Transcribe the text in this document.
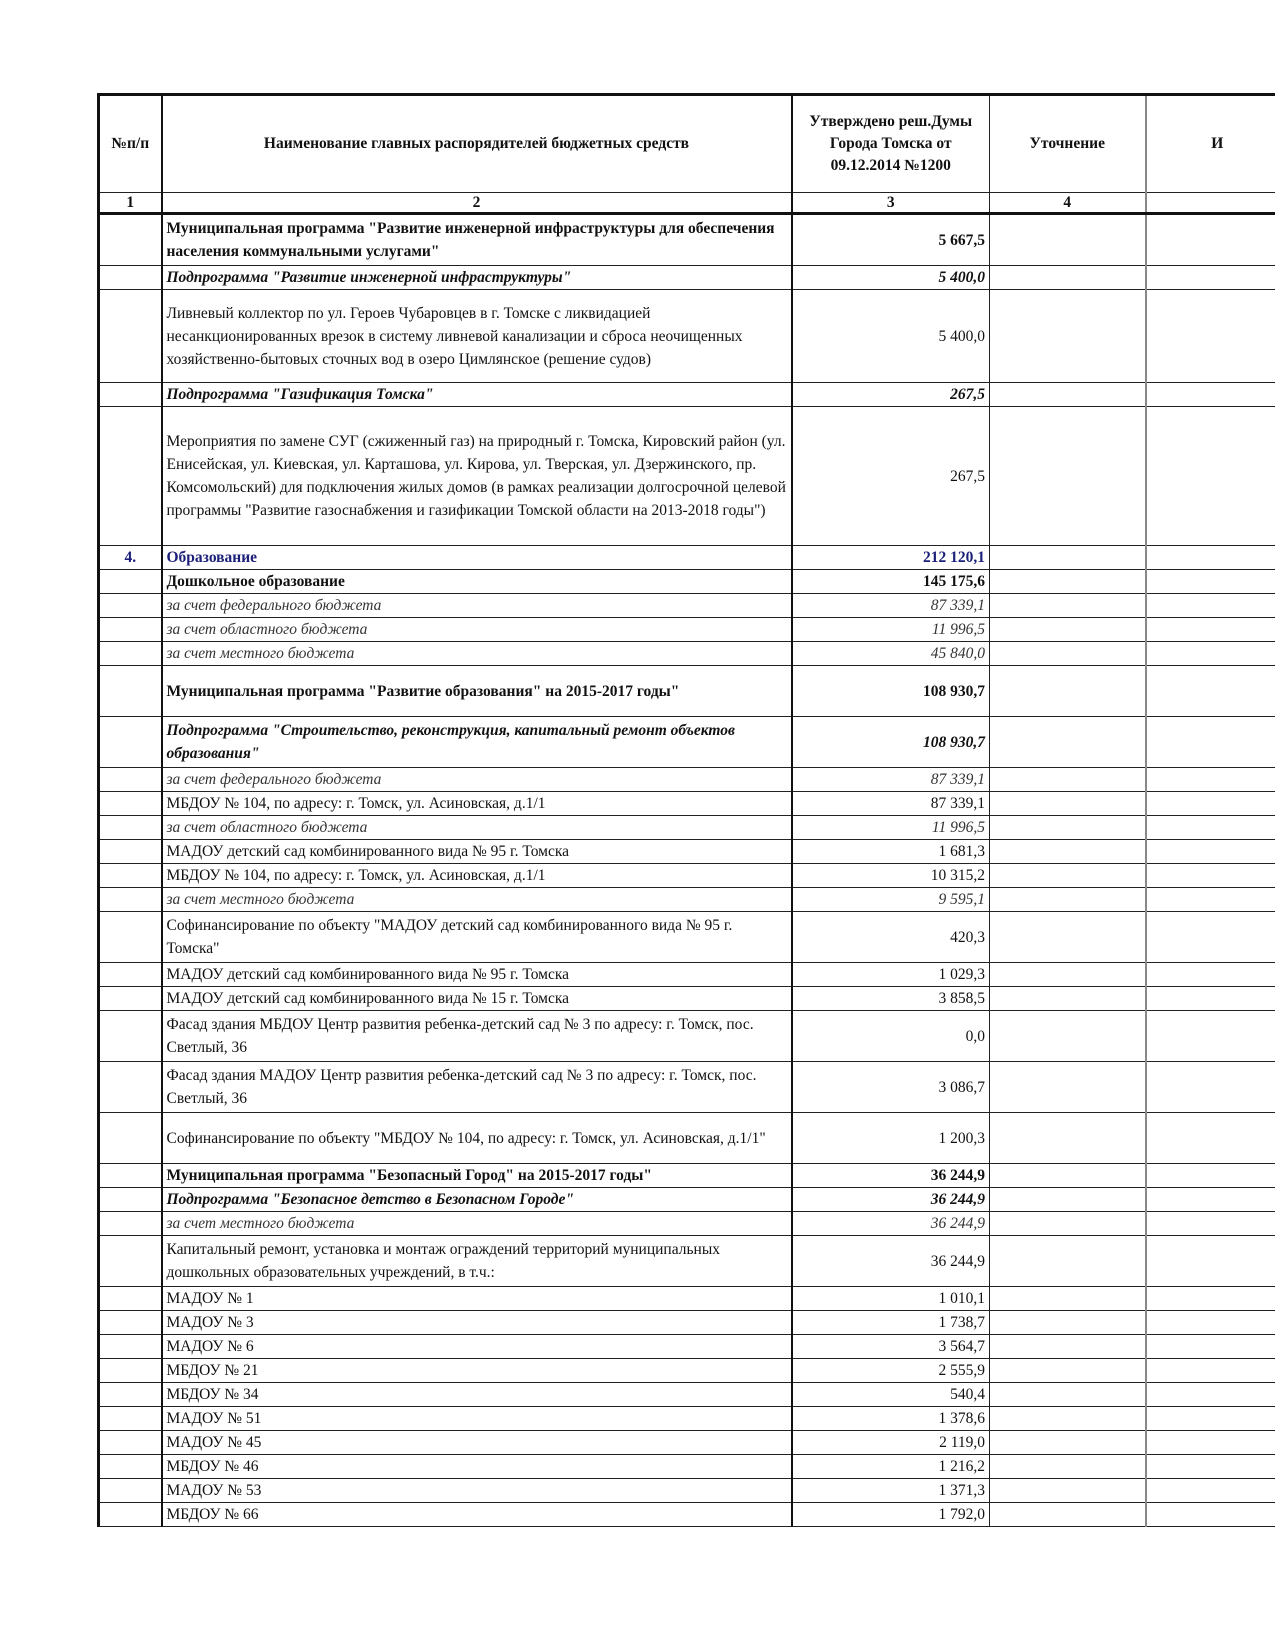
№п/п	Наименование главных распорядителей бюджетных средств	Утверждено реш.Думы Города Томска от 09.12.2014 №1200	Уточнение	И
1	2	3	4	
	Муниципальная программа "Развитие инженерной инфраструктуры для обеспечения населения коммунальными услугами"	5 667,5		
	Подпрограмма "Развитие инженерной инфраструктуры"	5 400,0		
	Ливневый коллектор по ул. Героев Чубаровцев в г. Томске с ликвидацией несанкционированных врезок в систему ливневой канализации и сброса неочищенных хозяйственно-бытовых сточных вод в озеро Цимлянское (решение судов)	5 400,0		
	Подпрограмма "Газификация Томска"	267,5		
	Мероприятия по замене СУГ (сжиженный газ) на природный г. Томска, Кировский район (ул. Енисейская, ул. Киевская, ул. Карташова, ул. Кирова, ул. Тверская, ул. Дзержинского, пр. Комсомольский) для подключения жилых домов (в рамках реализации долгосрочной целевой программы "Развитие газоснабжения и газификации Томской области на 2013-2018 годы")	267,5		
4.	Образование	212 120,1		
	Дошкольное образование	145 175,6		
	за счет федерального бюджета	87 339,1		
	за счет областного бюджета	11 996,5		
	за счет местного бюджета	45 840,0		
	Муниципальная программа "Развитие образования" на 2015-2017 годы"	108 930,7		
	Подпрограмма "Строительство, реконструкция, капитальный ремонт объектов образования"	108 930,7		
	за счет федерального бюджета	87 339,1		
	МБДОУ № 104, по адресу: г. Томск, ул. Асиновская, д.1/1	87 339,1		
	за счет областного бюджета	11 996,5		
	МАДОУ детский сад комбинированного вида № 95 г. Томска	1 681,3		
	МБДОУ № 104, по адресу: г. Томск, ул. Асиновская, д.1/1	10 315,2		
	за счет местного бюджета	9 595,1		
	Софинансирование по объекту "МАДОУ детский сад комбинированного вида № 95 г. Томска"	420,3		
	МАДОУ детский сад комбинированного вида № 95 г. Томска	1 029,3		
	МАДОУ детский сад комбинированного вида № 15 г. Томска	3 858,5		
	Фасад здания МБДОУ Центр развития ребенка-детский сад № 3 по адресу: г. Томск, пос. Светлый, 36	0,0		
	Фасад здания МАДОУ Центр развития ребенка-детский сад № 3 по адресу: г. Томск, пос. Светлый, 36	3 086,7		
	Софинансирование по объекту "МБДОУ № 104, по адресу: г. Томск, ул. Асиновская, д.1/1"	1 200,3		
	Муниципальная программа "Безопасный Город" на 2015-2017 годы"	36 244,9		
	Подпрограмма "Безопасное детство в Безопасном Городе"	36 244,9		
	за счет местного бюджета	36 244,9		
	Капитальный ремонт, установка и монтаж ограждений территорий муниципальных дошкольных образовательных учреждений, в т.ч.:	36 244,9		
	МАДОУ № 1	1 010,1		
	МАДОУ № 3	1 738,7		
	МАДОУ № 6	3 564,7		
	МБДОУ № 21	2 555,9		
	МБДОУ № 34	540,4		
	МАДОУ № 51	1 378,6		
	МАДОУ № 45	2 119,0		
	МБДОУ № 46	1 216,2		
	МАДОУ № 53	1 371,3		
	МБДОУ № 66	1 792,0		
